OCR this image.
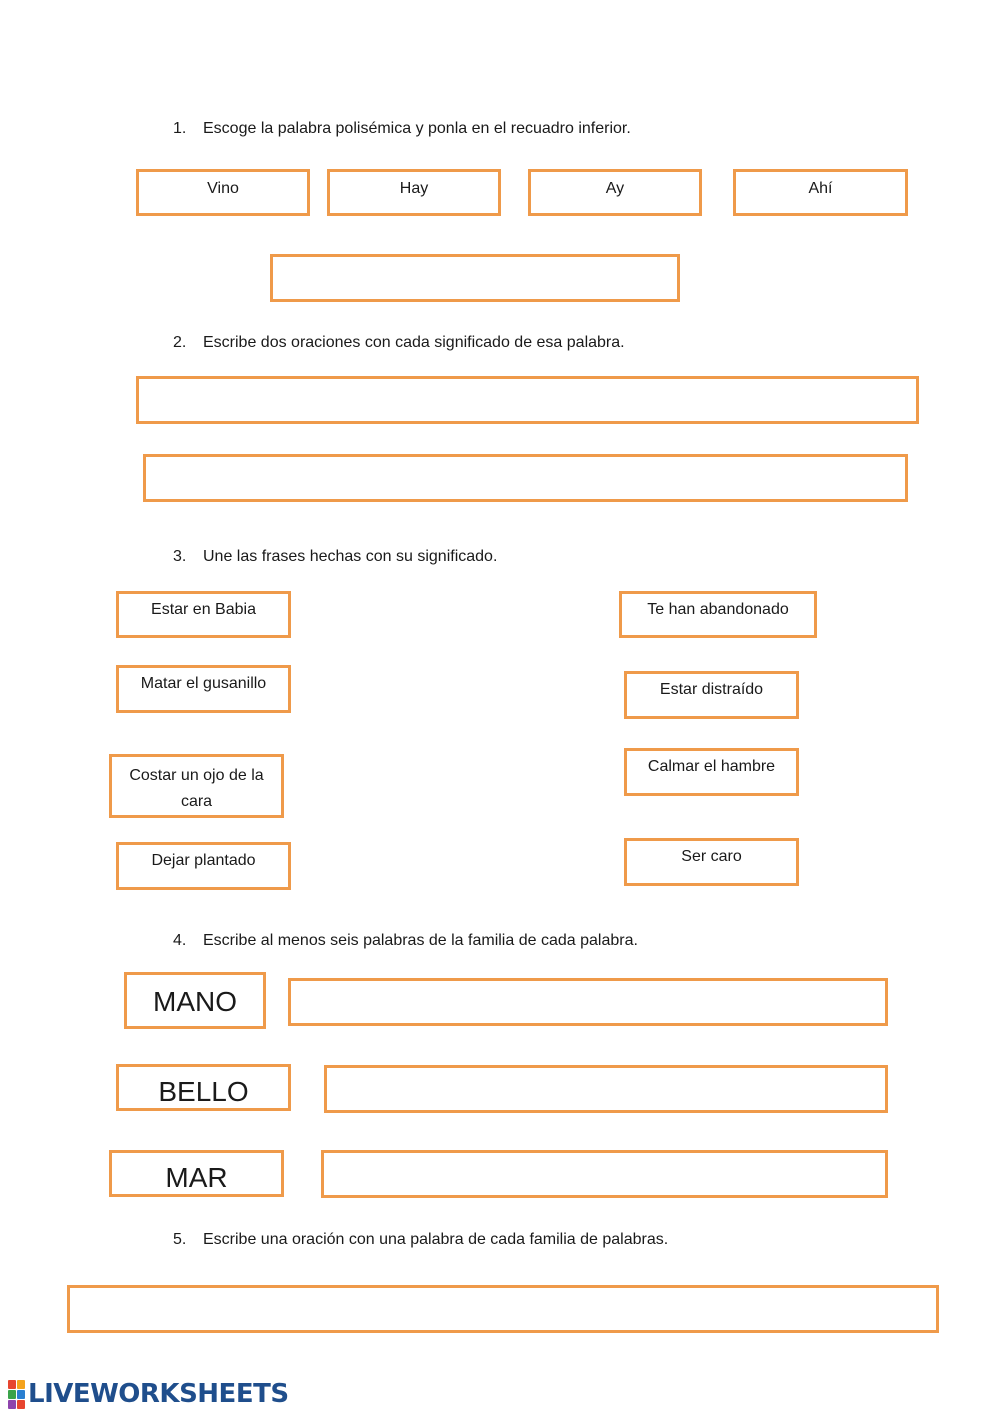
1. Escoge la palabra polisémica y ponla en el recuadro inferior.
Vino	Hay	Ay	Ahí
2. Escribe dos oraciones con cada significado de esa palabra.
3. Une las frases hechas con su significado.
Estar en Babia
Matar el gusanillo
Costar un ojo de la cara
Dejar plantado
Te han abandonado
Estar distraído
Calmar el hambre
Ser caro
4. Escribe al menos seis palabras de la familia de cada palabra.
MANO
BELLO
MAR
5. Escribe una oración con una palabra de cada familia de palabras.
LIVEWORKSHEETS
